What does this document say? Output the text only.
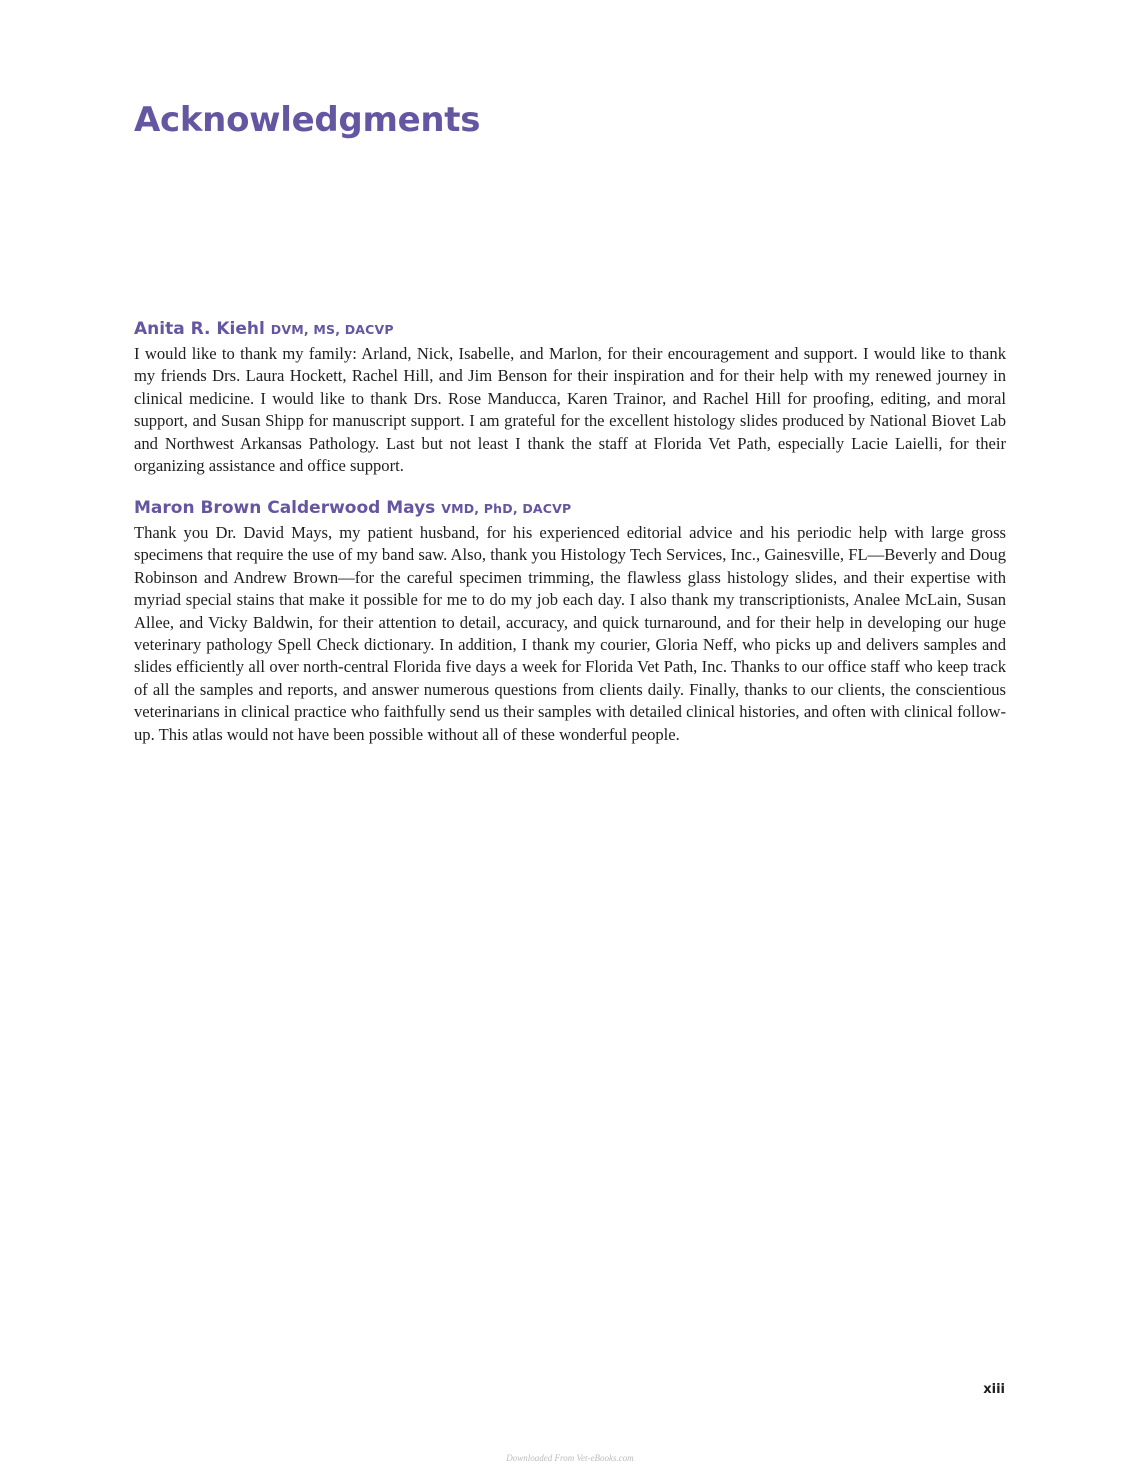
Acknowledgments
Anita R. Kiehl DVM, MS, DACVP

I would like to thank my family: Arland, Nick, Isabelle, and Marlon, for their encouragement and support. I would like to thank my friends Drs. Laura Hockett, Rachel Hill, and Jim Benson for their inspiration and for their help with my renewed journey in clinical medicine. I would like to thank Drs. Rose Manducca, Karen Trainor, and Rachel Hill for proofing, editing, and moral support, and Susan Shipp for manuscript support. I am grateful for the excellent histology slides produced by National Biovet Lab and Northwest Arkansas Pathology. Last but not least I thank the staff at Florida Vet Path, especially Lacie Laielli, for their organizing assistance and office support.

Maron Brown Calderwood Mays VMD, PhD, DACVP

Thank you Dr. David Mays, my patient husband, for his experienced editorial advice and his periodic help with large gross specimens that require the use of my band saw. Also, thank you Histology Tech Services, Inc., Gainesville, FL—Beverly and Doug Robinson and Andrew Brown—for the careful specimen trimming, the flawless glass histology slides, and their expertise with myriad special stains that make it possible for me to do my job each day. I also thank my transcriptionists, Analee McLain, Susan Allee, and Vicky Baldwin, for their attention to detail, accuracy, and quick turnaround, and for their help in developing our huge veterinary pathology Spell Check dictionary. In addition, I thank my courier, Gloria Neff, who picks up and delivers samples and slides efficiently all over north-central Florida five days a week for Florida Vet Path, Inc. Thanks to our office staff who keep track of all the samples and reports, and answer numerous questions from clients daily. Finally, thanks to our clients, the conscientious veterinarians in clinical practice who faithfully send us their samples with detailed clinical histories, and often with clinical follow-up. This atlas would not have been possible without all of these wonderful people.

xiii

Downloaded From Vet-eBooks.com
